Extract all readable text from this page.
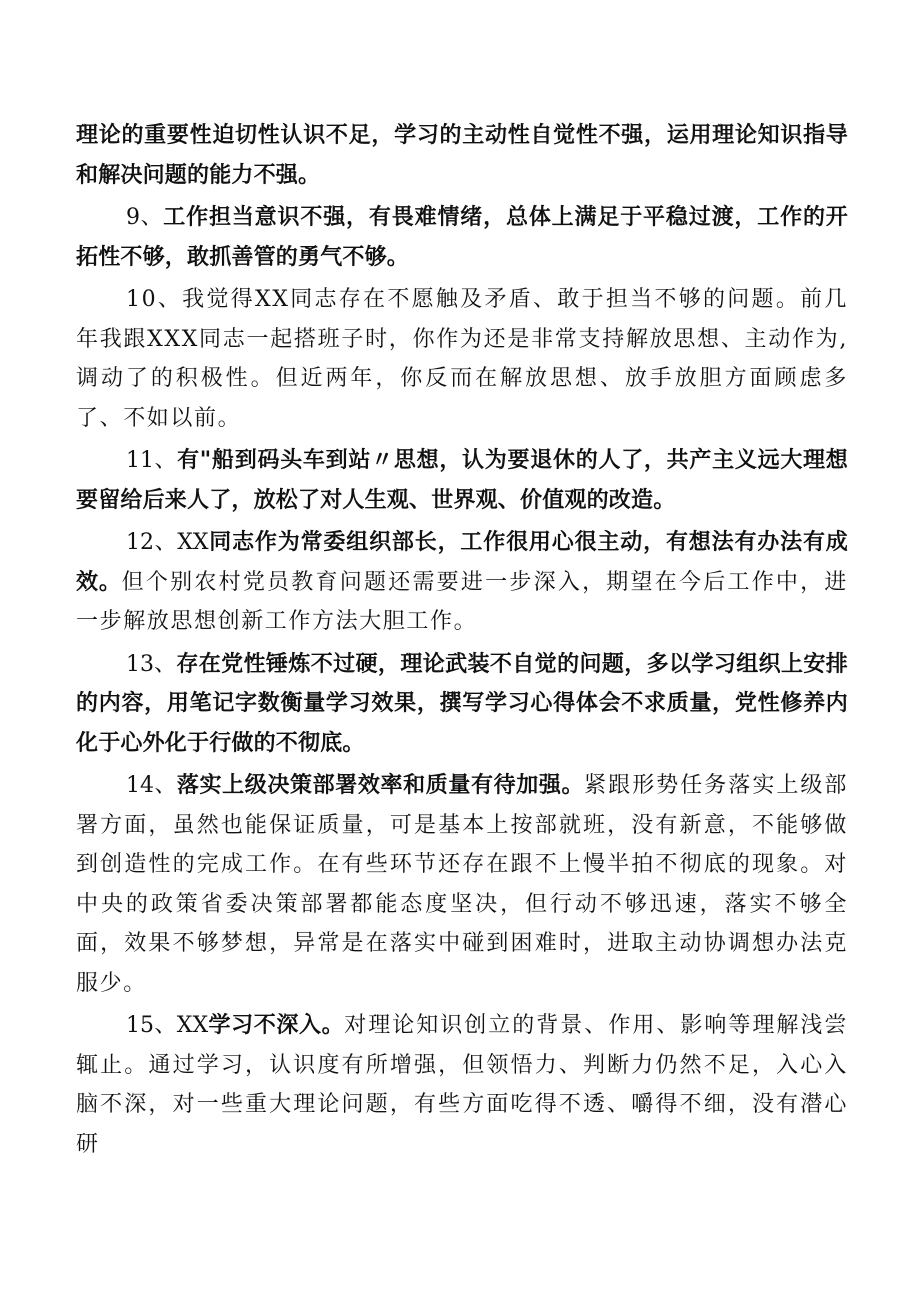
理论的重要性迫切性认识不足，学习的主动性自觉性不强，运用理论知识指导和解决问题的能力不强。

9、工作担当意识不强，有畏难情绪，总体上满足于平稳过渡，工作的开拓性不够，敢抓善管的勇气不够。

10、我觉得XX同志存在不愿触及矛盾、敢于担当不够的问题。前几年我跟XXX同志一起搭班子时，你作为还是非常支持解放思想、主动作为,调动了的积极性。但近两年，你反而在解放思想、放手放胆方面顾虑多了、不如以前。

11、有"船到码头车到站〃思想，认为要退休的人了，共产主义远大理想要留给后来人了，放松了对人生观、世界观、价值观的改造。

12、XX同志作为常委组织部长，工作很用心很主动，有想法有办法有成效。但个别农村党员教育问题还需要进一步深入，期望在今后工作中，进一步解放思想创新工作方法大胆工作。

13、存在党性锤炼不过硬，理论武装不自觉的问题，多以学习组织上安排的内容，用笔记字数衡量学习效果，撰写学习心得体会不求质量，党性修养内化于心外化于行做的不彻底。

14、落实上级决策部署效率和质量有待加强。紧跟形势任务落实上级部署方面，虽然也能保证质量，可是基本上按部就班，没有新意，不能够做到创造性的完成工作。在有些环节还存在跟不上慢半拍不彻底的现象。对中央的政策省委决策部署都能态度坚决，但行动不够迅速，落实不够全面，效果不够梦想，异常是在落实中碰到困难时，进取主动协调想办法克服少。

15、XX学习不深入。对理论知识创立的背景、作用、影响等理解浅尝辄止。通过学习，认识度有所增强，但领悟力、判断力仍然不足，入心入脑不深，对一些重大理论问题，有些方面吃得不透、嚼得不细，没有潜心研
